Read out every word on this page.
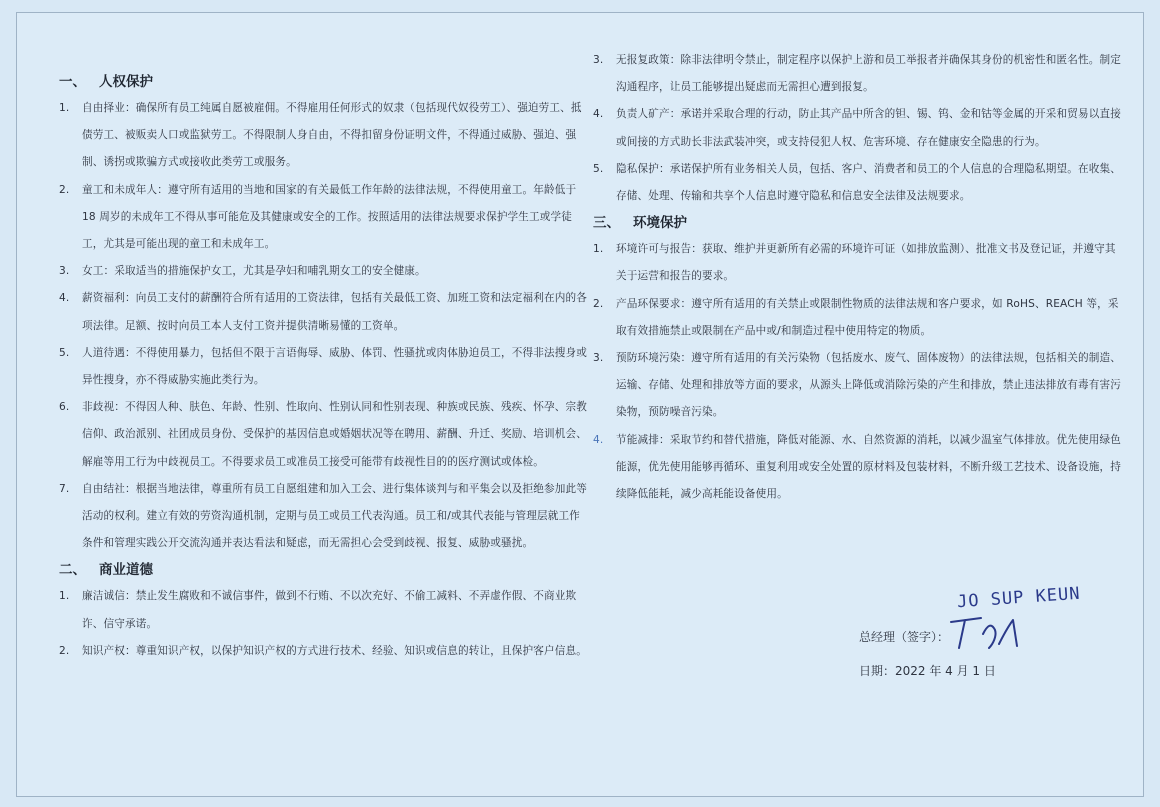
一、 人权保护
1. 自由择业：确保所有员工纯属自愿被雇佣。不得雇用任何形式的奴隶（包括现代奴役劳工）、强迫劳工、抵债劳工、被贩卖人口或监狱劳工。不得限制人身自由，不得扣留身份证明文件，不得通过威胁、强迫、强制、诱拐或欺骗方式或接收此类劳工或服务。
2. 童工和未成年人：遵守所有适用的当地和国家的有关最低工作年龄的法律法规，不得使用童工。年龄低于 18 周岁的未成年工不得从事可能危及其健康或安全的工作。按照适用的法律法规要求保护学生工或学徒工，尤其是可能出现的童工和未成年工。
3. 女工：采取适当的措施保护女工，尤其是孕妇和哺乳期女工的安全健康。
4. 薪资福利：向员工支付的薪酬符合所有适用的工资法律，包括有关最低工资、加班工资和法定福利在内的各项法律。足额、按时向员工本人支付工资并提供清晰易懂的工资单。
5. 人道待遇：不得使用暴力，包括但不限于言语侮辱、威胁、体罚、性骚扰或肉体胁迫员工，不得非法搜身或异性搜身，亦不得威胁实施此类行为。
6. 非歧视：不得因人种、肤色、年龄、性别、性取向、性别认同和性别表现、种族或民族、残疾、怀孕、宗教信仰、政治派别、社团成员身份、受保护的基因信息或婚姻状况等在聘用、薪酬、升迁、奖励、培训机会、解雇等用工行为中歧视员工。不得要求员工或准员工接受可能带有歧视性目的的医疗测试或体检。
7. 自由结社：根据当地法律，尊重所有员工自愿组建和加入工会、进行集体谈判与和平集会以及拒绝参加此等活动的权利。建立有效的劳资沟通机制，定期与员工或员工代表沟通。员工和/或其代表能与管理层就工作条件和管理实践公开交流沟通并表达看法和疑虑，而无需担心会受到歧视、报复、威胁或骚扰。
二、 商业道德
1. 廉洁诚信：禁止发生腐败和不诚信事件，做到不行贿、不以次充好、不偷工减料、不弄虚作假、不商业欺诈、信守承诺。
2. 知识产权：尊重知识产权，以保护知识产权的方式进行技术、经验、知识或信息的转让，且保护客户信息。
3. 无报复政策：除非法律明令禁止，制定程序以保护上游和员工举报者并确保其身份的机密性和匿名性。制定沟通程序，让员工能够提出疑虑而无需担心遭到报复。
4. 负责人矿产：承诺并采取合理的行动，防止其产品中所含的钽、锡、钨、金和钴等金属的开采和贸易以直接或间接的方式助长非法武装冲突，或支持侵犯人权、危害环境、存在健康安全隐患的行为。
5. 隐私保护：承诺保护所有业务相关人员，包括、客户、消费者和员工的个人信息的合理隐私期望。在收集、存储、处理、传输和共享个人信息时遵守隐私和信息安全法律及法规要求。
三、 环境保护
1. 环境许可与报告：获取、维护并更新所有必需的环境许可证（如排放监测）、批准文书及登记证，并遵守其关于运营和报告的要求。
2. 产品环保要求：遵守所有适用的有关禁止或限制性物质的法律法规和客户要求，如 RoHS、REACH 等，采取有效措施禁止或限制在产品中或/和制造过程中使用特定的物质。
3. 预防环境污染：遵守所有适用的有关污染物（包括废水、废气、固体废物）的法律法规，包括相关的制造、运输、存储、处理和排放等方面的要求，从源头上降低或消除污染的产生和排放，禁止违法排放有毒有害污染物，预防噪音污染。
4. 节能减排：采取节约和替代措施，降低对能源、水、自然资源的消耗，以减少温室气体排放。优先使用绿色能源，优先使用能够再循环、重复利用或安全处置的原材料及包装材料，不断升级工艺技术、设备设施，持续降低能耗，减少高耗能设备使用。
JO SUP KEUN
总经理（签字）：
日期：2022 年 4 月 1 日
